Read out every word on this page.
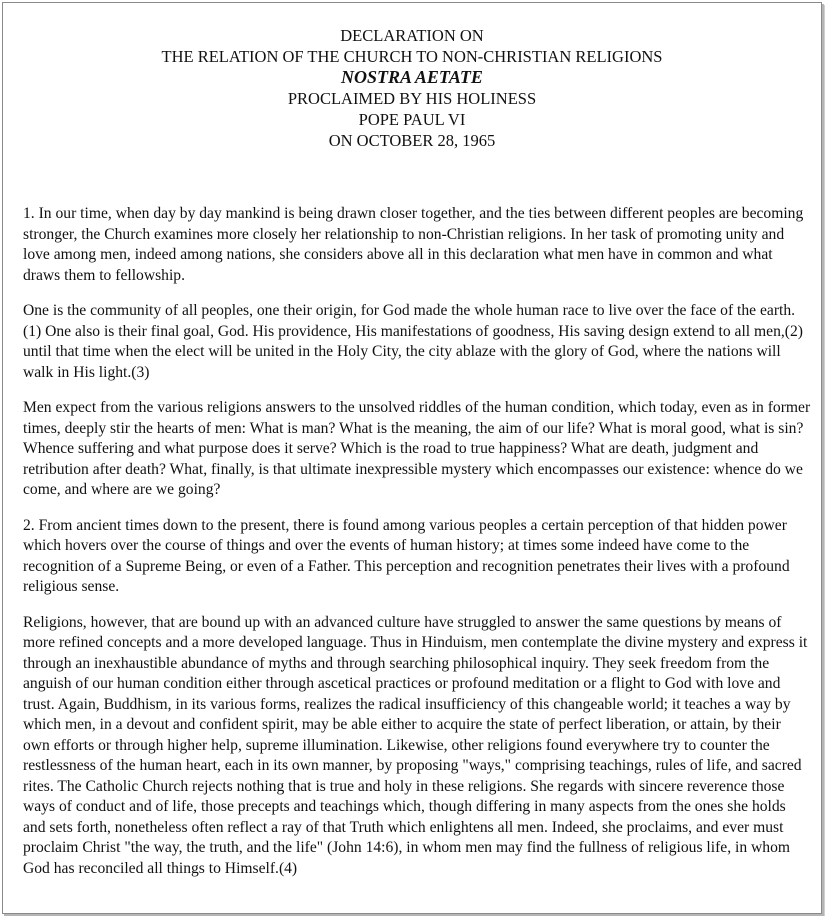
DECLARATION ON
THE RELATION OF THE CHURCH TO NON-CHRISTIAN RELIGIONS
NOSTRA AETATE
PROCLAIMED BY HIS HOLINESS
POPE PAUL VI
ON OCTOBER 28, 1965

1. In our time, when day by day mankind is being drawn closer together, and the ties between different peoples are becoming stronger, the Church examines more closely her relationship to non-Christian religions. In her task of promoting unity and love among men, indeed among nations, she considers above all in this declaration what men have in common and what draws them to fellowship.

One is the community of all peoples, one their origin, for God made the whole human race to live over the face of the earth.(1) One also is their final goal, God. His providence, His manifestations of goodness, His saving design extend to all men,(2) until that time when the elect will be united in the Holy City, the city ablaze with the glory of God, where the nations will walk in His light.(3)

Men expect from the various religions answers to the unsolved riddles of the human condition, which today, even as in former times, deeply stir the hearts of men: What is man? What is the meaning, the aim of our life? What is moral good, what is sin? Whence suffering and what purpose does it serve? Which is the road to true happiness? What are death, judgment and retribution after death? What, finally, is that ultimate inexpressible mystery which encompasses our existence: whence do we come, and where are we going?

2. From ancient times down to the present, there is found among various peoples a certain perception of that hidden power which hovers over the course of things and over the events of human history; at times some indeed have come to the recognition of a Supreme Being, or even of a Father. This perception and recognition penetrates their lives with a profound religious sense.

Religions, however, that are bound up with an advanced culture have struggled to answer the same questions by means of more refined concepts and a more developed language. Thus in Hinduism, men contemplate the divine mystery and express it through an inexhaustible abundance of myths and through searching philosophical inquiry. They seek freedom from the anguish of our human condition either through ascetical practices or profound meditation or a flight to God with love and trust. Again, Buddhism, in its various forms, realizes the radical insufficiency of this changeable world; it teaches a way by which men, in a devout and confident spirit, may be able either to acquire the state of perfect liberation, or attain, by their own efforts or through higher help, supreme illumination. Likewise, other religions found everywhere try to counter the restlessness of the human heart, each in its own manner, by proposing "ways," comprising teachings, rules of life, and sacred rites. The Catholic Church rejects nothing that is true and holy in these religions. She regards with sincere reverence those ways of conduct and of life, those precepts and teachings which, though differing in many aspects from the ones she holds and sets forth, nonetheless often reflect a ray of that Truth which enlightens all men. Indeed, she proclaims, and ever must proclaim Christ "the way, the truth, and the life" (John 14:6), in whom men may find the fullness of religious life, in whom God has reconciled all things to Himself.(4)
